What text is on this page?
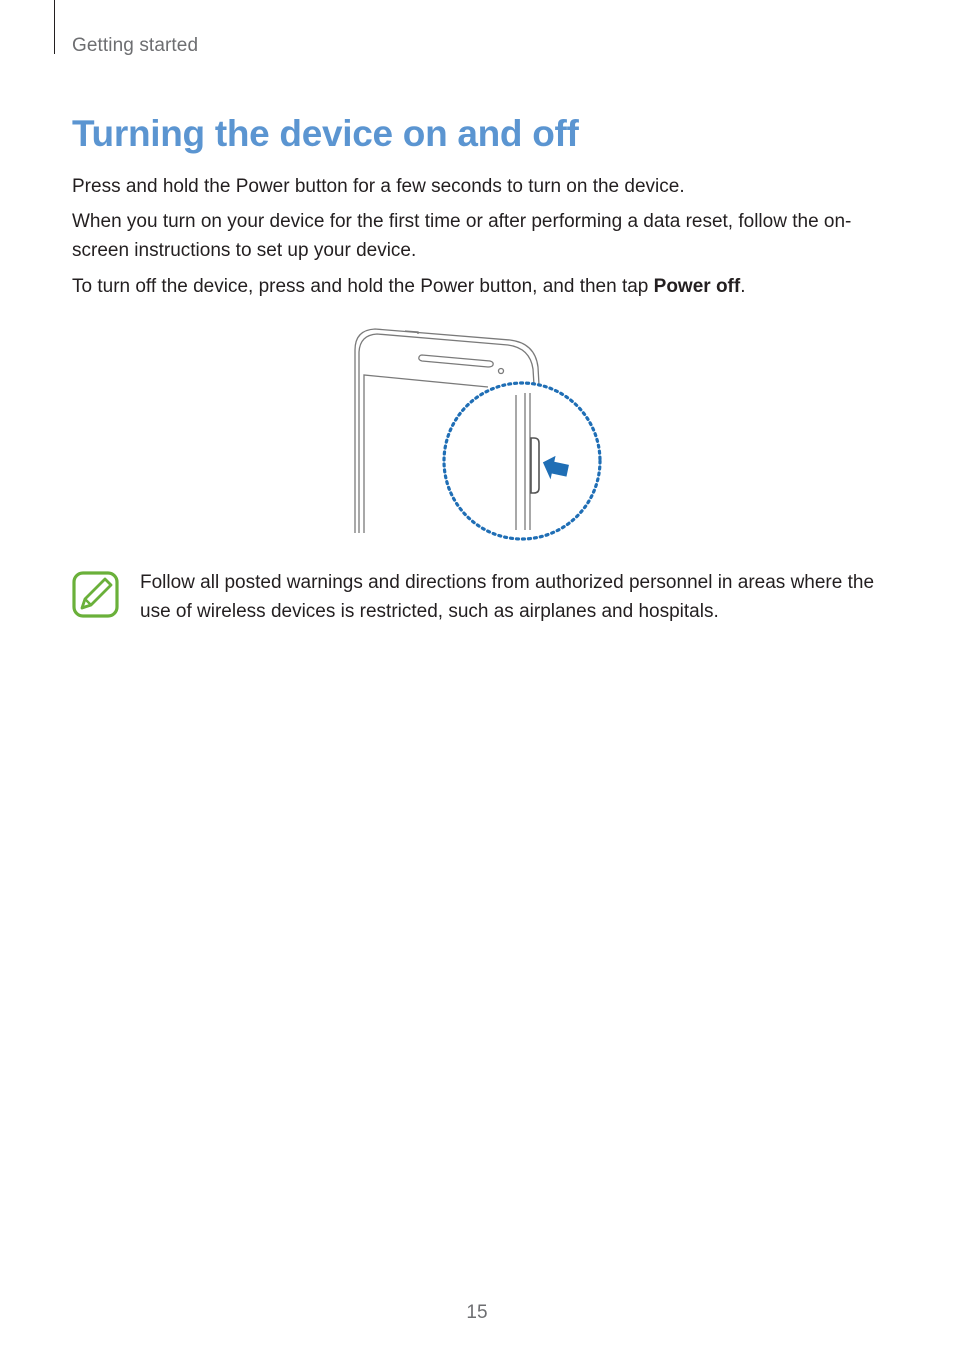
Getting started
Turning the device on and off

Press and hold the Power button for a few seconds to turn on the device.

When you turn on your device for the first time or after performing a data reset, follow the on-screen instructions to set up your device.

To turn off the device, press and hold the Power button, and then tap Power off.

Follow all posted warnings and directions from authorized personnel in areas where the use of wireless devices is restricted, such as airplanes and hospitals.

15
